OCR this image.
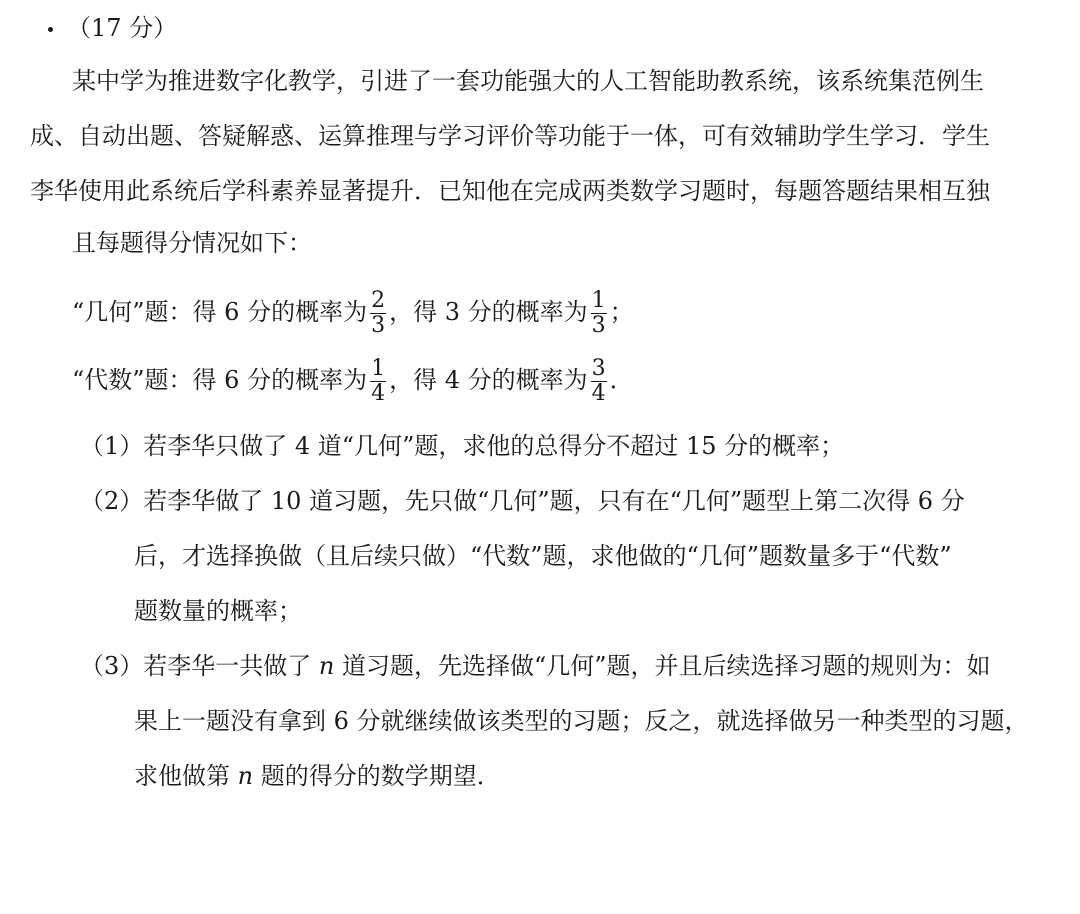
（17 分）
某中学为推进数字化教学，引进了一套功能强大的人工智能助教系统，该系统集范例生
成、自动出题、答疑解惑、运算推理与学习评价等功能于一体，可有效辅助学生学习．学生
李华使用此系统后学科素养显著提升．已知他在完成两类数学习题时，每题答题结果相互独
且每题得分情况如下：
“几何”题：得 6 分的概率为 $\frac{2}{3}$ ，得 3 分的概率为 $\frac{1}{3}$ ；
“代数”题：得 6 分的概率为 $\frac{1}{4}$ ，得 4 分的概率为 $\frac{3}{4}$ ．
（1）若李华只做了 4 道“几何”题，求他的总得分不超过 15 分的概率；
（2）若李华做了 10 道习题，先只做“几何”题，只有在“几何”题型上第二次得 6 分
后，才选择换做（且后续只做）“代数”题，求他做的“几何”题数量多于“代数”
题数量的概率；
（3）若李华一共做了 n 道习题，先选择做“几何”题，并且后续选择习题的规则为：如
果上一题没有拿到 6 分就继续做该类型的习题；反之，就选择做另一种类型的习题，
求他做第 n 题的得分的数学期望．
